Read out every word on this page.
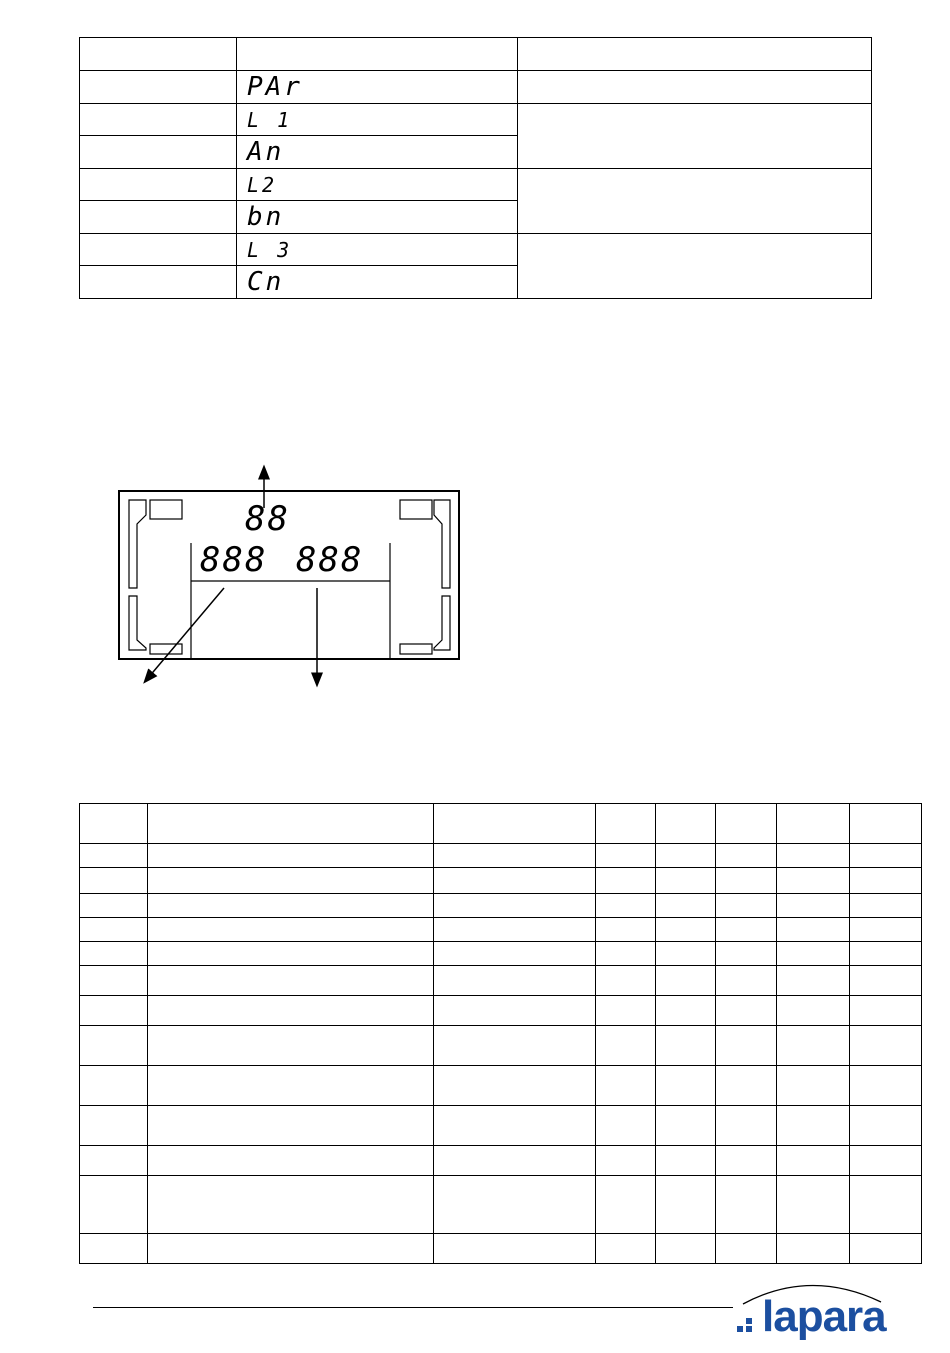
	PAr	

	L 1	

	An	

	L2	

	bn	

	L 3	

	Cn	
88
888 888

lapara
